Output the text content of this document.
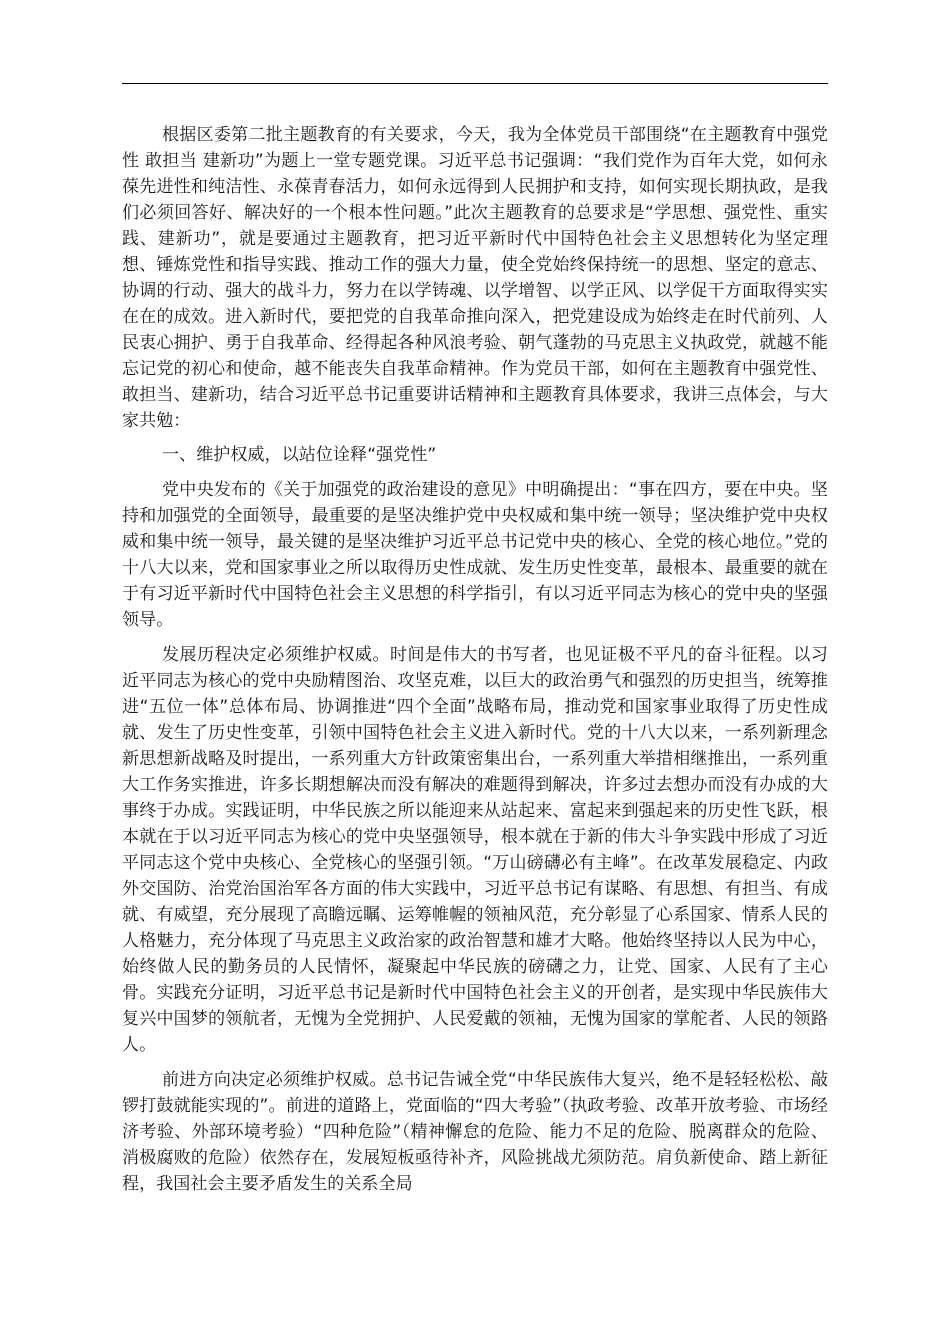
根据区委第二批主题教育的有关要求，今天，我为全体党员干部围绕“在主题教育中强党性 敢担当 建新功”为题上一堂专题党课。习近平总书记强调：“我们党作为百年大党，如何永葆先进性和纯洁性、永葆青春活力，如何永远得到人民拥护和支持，如何实现长期执政，是我们必须回答好、解决好的一个根本性问题。”此次主题教育的总要求是“学思想、强党性、重实践、建新功”，就是要通过主题教育，把习近平新时代中国特色社会主义思想转化为坚定理想、锤炼党性和指导实践、推动工作的强大力量，使全党始终保持统一的思想、坚定的意志、协调的行动、强大的战斗力，努力在以学铸魂、以学增智、以学正风、以学促干方面取得实实在在的成效。进入新时代，要把党的自我革命推向深入，把党建设成为始终走在时代前列、人民衷心拥护、勇于自我革命、经得起各种风浪考验、朝气蓬勃的马克思主义执政党，就越不能忘记党的初心和使命，越不能丧失自我革命精神。作为党员干部，如何在主题教育中强党性、敢担当、建新功，结合习近平总书记重要讲话精神和主题教育具体要求，我讲三点体会，与大家共勉：

一、维护权威，以站位诠释“强党性”

党中央发布的《关于加强党的政治建设的意见》中明确提出：“事在四方，要在中央。坚持和加强党的全面领导，最重要的是坚决维护党中央权威和集中统一领导；坚决维护党中央权威和集中统一领导，最关键的是坚决维护习近平总书记党中央的核心、全党的核心地位。”党的十八大以来，党和国家事业之所以取得历史性成就、发生历史性变革，最根本、最重要的就在于有习近平新时代中国特色社会主义思想的科学指引，有以习近平同志为核心的党中央的坚强领导。

发展历程决定必须维护权威。时间是伟大的书写者，也见证极不平凡的奋斗征程。以习近平同志为核心的党中央励精图治、攻坚克难，以巨大的政治勇气和强烈的历史担当，统筹推进“五位一体”总体布局、协调推进“四个全面”战略布局，推动党和国家事业取得了历史性成就、发生了历史性变革，引领中国特色社会主义进入新时代。党的十八大以来，一系列新理念新思想新战略及时提出，一系列重大方针政策密集出台，一系列重大举措相继推出，一系列重大工作务实推进，许多长期想解决而没有解决的难题得到解决，许多过去想办而没有办成的大事终于办成。实践证明，中华民族之所以能迎来从站起来、富起来到强起来的历史性飞跃，根本就在于以习近平同志为核心的党中央坚强领导，根本就在于新的伟大斗争实践中形成了习近平同志这个党中央核心、全党核心的坚强引领。“万山磅礴必有主峰”。在改革发展稳定、内政外交国防、治党治国治军各方面的伟大实践中，习近平总书记有谋略、有思想、有担当、有成就、有威望，充分展现了高瞻远瞩、运筹帷幄的领袖风范，充分彰显了心系国家、情系人民的人格魅力，充分体现了马克思主义政治家的政治智慧和雄才大略。他始终坚持以人民为中心，始终做人民的勤务员的人民情怀，凝聚起中华民族的磅礴之力，让党、国家、人民有了主心骨。实践充分证明，习近平总书记是新时代中国特色社会主义的开创者，是实现中华民族伟大复兴中国梦的领航者，无愧为全党拥护、人民爱戴的领袖，无愧为国家的掌舵者、人民的领路人。

前进方向决定必须维护权威。总书记告诫全党“中华民族伟大复兴，绝不是轻轻松松、敲锣打鼓就能实现的”。前进的道路上，党面临的“四大考验”（执政考验、改革开放考验、市场经济考验、外部环境考验）“四种危险”（精神懈怠的危险、能力不足的危险、脱离群众的危险、消极腐败的危险）依然存在，发展短板亟待补齐，风险挑战尤须防范。肩负新使命、踏上新征程，我国社会主要矛盾发生的关系全局
